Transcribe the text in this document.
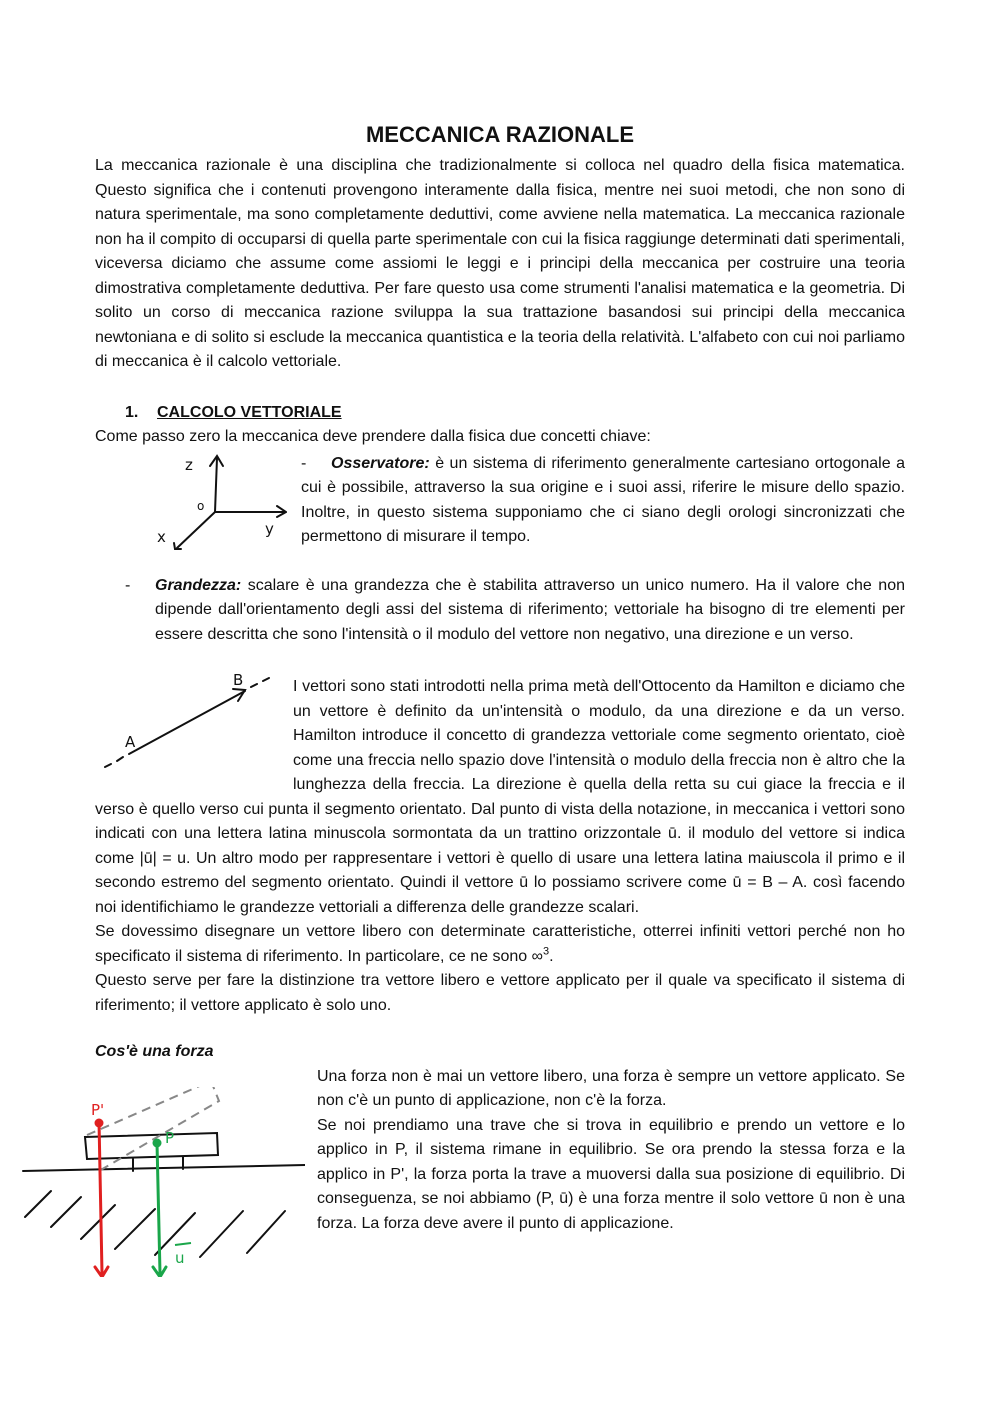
MECCANICA RAZIONALE

La meccanica razionale è una disciplina che tradizionalmente si colloca nel quadro della fisica matematica. Questo significa che i contenuti provengono interamente dalla fisica, mentre nei suoi metodi, che non sono di natura sperimentale, ma sono completamente deduttivi, come avviene nella matematica. La meccanica razionale non ha il compito di occuparsi di quella parte sperimentale con cui la fisica raggiunge determinati dati sperimentali, viceversa diciamo che assume come assiomi le leggi e i principi della meccanica per costruire una teoria dimostrativa completamente deduttiva. Per fare questo usa come strumenti l'analisi matematica e la geometria. Di solito un corso di meccanica razione sviluppa la sua trattazione basandosi sui principi della meccanica newtoniana e di solito si esclude la meccanica quantistica e la teoria della relatività. L'alfabeto con cui noi parliamo di meccanica è il calcolo vettoriale.

1. CALCOLO VETTORIALE

Come passo zero la meccanica deve prendere dalla fisica due concetti chiave:

z
o
x	y
- Osservatore: è un sistema di riferimento generalmente cartesiano ortogonale a cui è possibile, attraverso la sua origine e i suoi assi, riferire le misure dello spazio. Inoltre, in questo sistema supponiamo che ci siano degli orologi sincronizzati che permettono di misurare il tempo.
- Grandezza: scalare è una grandezza che è stabilita attraverso un unico numero. Ha il valore che non dipende dall'orientamento degli assi del sistema di riferimento; vettoriale ha bisogno di tre elementi per essere descritta che sono l'intensità o il modulo del vettore non negativo, una direzione e un verso.

A
B	I vettori sono stati introdotti nella prima metà dell'Ottocento da Hamilton e diciamo che un vettore è definito da un'intensità o modulo, da una direzione e da un verso. Hamilton introduce il concetto di grandezza vettoriale come segmento orientato, cioè come una freccia nello spazio dove l'intensità o modulo della freccia non è altro che la lunghezza della freccia. La direzione è quella della retta su cui giace la freccia e il verso è quello verso cui punta il segmento orientato. Dal punto di vista della notazione, in meccanica i vettori sono indicati con una lettera latina minuscola sormontata da un trattino orizzontale ū. il modulo del vettore si indica come |ū| = u. Un altro modo per rappresentare i vettori è quello di usare una lettera latina maiuscola il primo e il secondo estremo del segmento orientato. Quindi il vettore ū lo possiamo scrivere come ū = B – A. così facendo noi identifichiamo le grandezze vettoriali a differenza delle grandezze scalari.

Se dovessimo disegnare un vettore libero con determinate caratteristiche, otterrei infiniti vettori perché non ho specificato il sistema di riferimento. In particolare, ce ne sono ∞$^3$.

Questo serve per fare la distinzione tra vettore libero e vettore applicato per il quale va specificato il sistema di riferimento; il vettore applicato è solo uno.

Cos'è una forza
P'
P
u

Una forza non è mai un vettore libero, una forza è sempre un vettore applicato. Se non c'è un punto di applicazione, non c'è la forza.

Se noi prendiamo una trave che si trova in equilibrio e prendo un vettore e lo applico in P, il sistema rimane in equilibrio. Se ora prendo la stessa forza e la applico in P', la forza porta la trave a muoversi dalla sua posizione di equilibrio. Di conseguenza, se noi abbiamo (P, ū) è una forza mentre il solo vettore ū non è una forza. La forza deve avere il punto di applicazione.
